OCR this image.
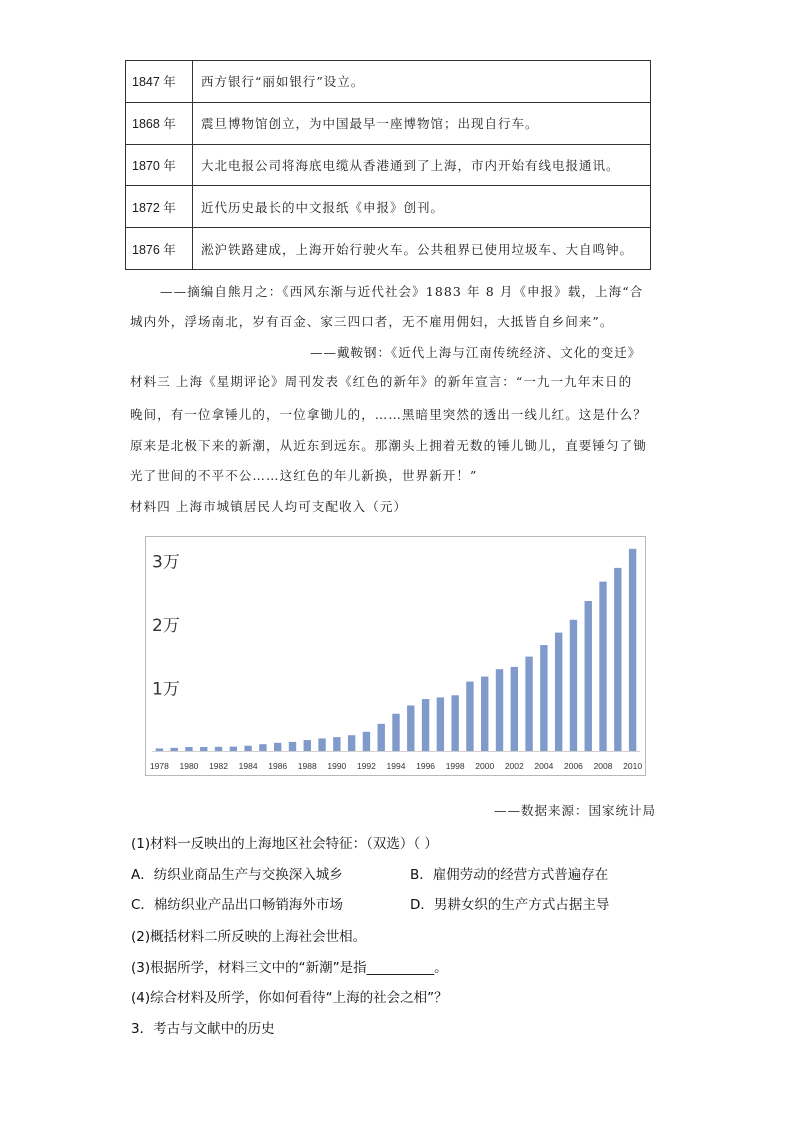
1847 年	西方银行“丽如银行”设立。
1868 年	震旦博物馆创立，为中国最早一座博物馆；出现自行车。
1870 年	大北电报公司将海底电缆从香港通到了上海，市内开始有线电报通讯。
1872 年	近代历史最长的中文报纸《申报》创刊。
1876 年	淞沪铁路建成，上海开始行驶火车。公共租界已使用垃圾车、大自鸣钟。
——摘编自熊月之：《西风东渐与近代社会》1883 年 8 月《申报》载，上海“合
城内外，浮场南北，岁有百金、家三四口者，无不雇用佣妇，大抵皆自乡间来”。
——戴鞍钢：《近代上海与江南传统经济、文化的变迁》
材料三 上海《星期评论》周刊发表《红色的新年》的新年宣言：“一九一九年末日的
晚间，有一位拿锤儿的，一位拿锄儿的，……黑暗里突然的透出一线儿红。这是什么？
原来是北极下来的新潮，从近东到远东。那潮头上拥着无数的锤儿锄儿，直要锤匀了锄
光了世间的不平不公……这红色的年儿新换，世界新开！”
材料四 上海市城镇居民人均可支配收入（元）
1万
2万
3万
1978 1980 1982 1984 1986 1988 1990 1992 1994 1996 1998 2000 2002 2004 2006 2008 2010
——数据来源：国家统计局
(1)材料一反映出的上海地区社会特征：（双选）（ ）
A．纺织业商品生产与交换深入城乡	B．雇佣劳动的经营方式普遍存在
C．棉纺织业产品出口畅销海外市场	D．男耕女织的生产方式占据主导
(2)概括材料二所反映的上海社会世相。
(3)根据所学，材料三文中的“新潮”是指__________。
(4)综合材料及所学，你如何看待“上海的社会之相”？
3．考古与文献中的历史
